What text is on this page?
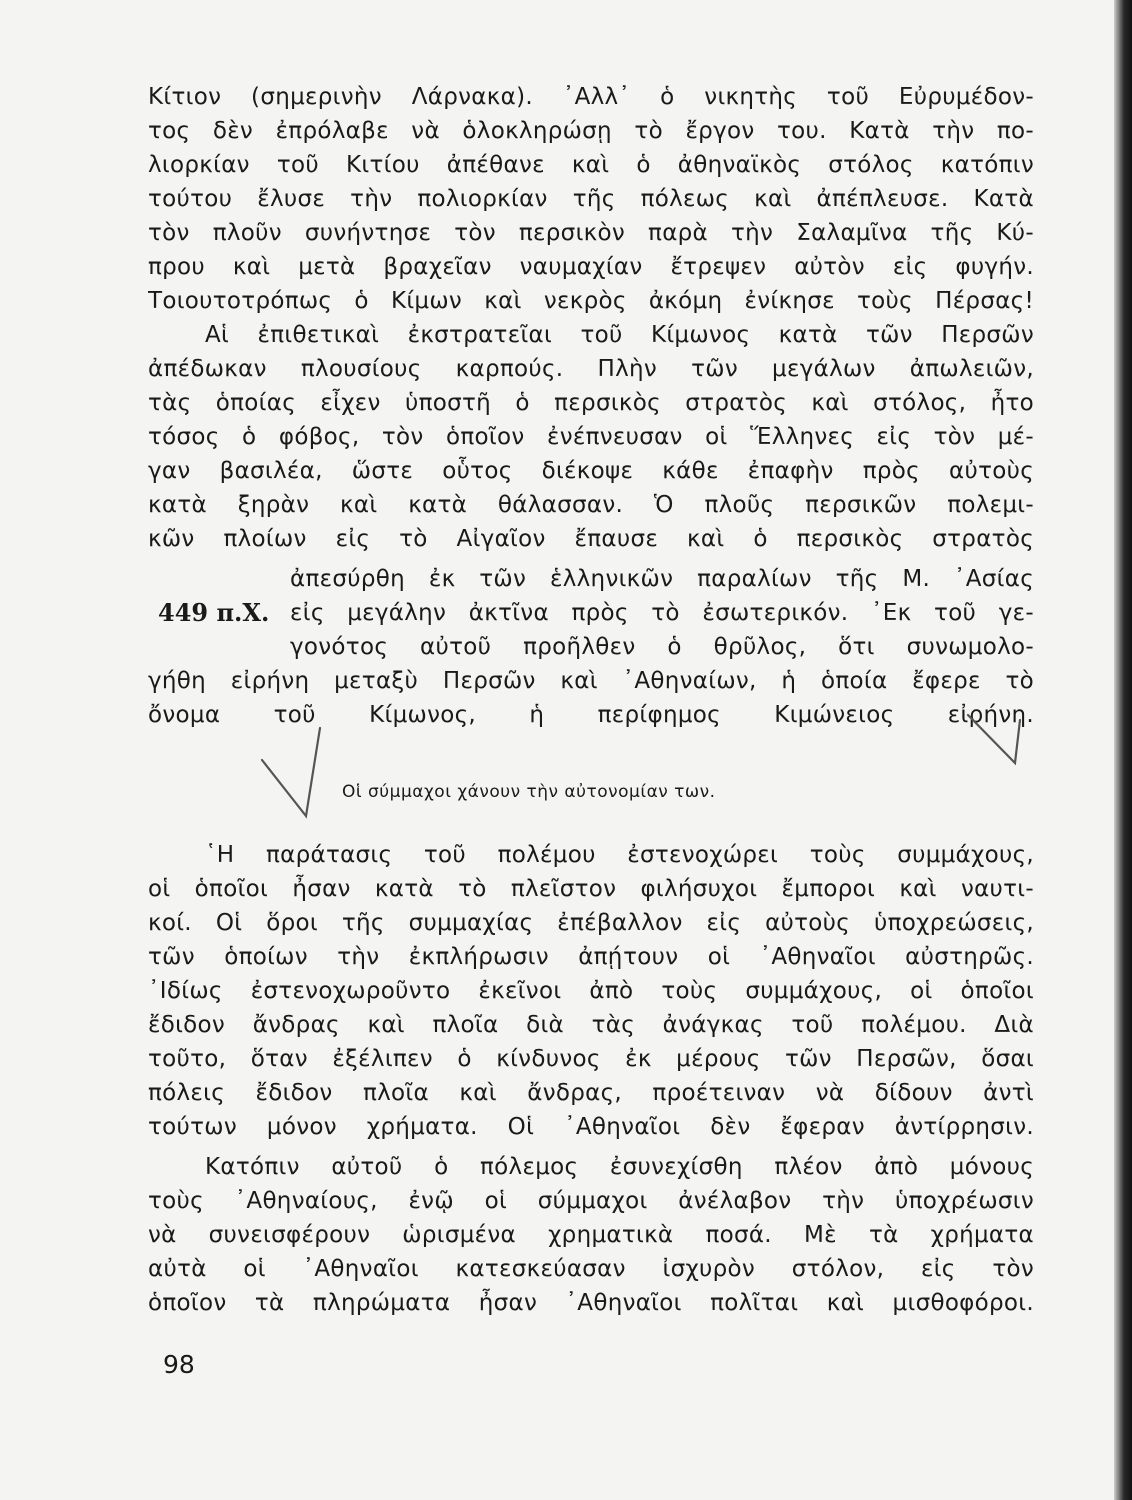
Κίτιον (σημερινὴν Λάρνακα). ᾿Αλλ᾿ ὁ νικητὴς τοῦ Εὐρυμέδον-
τος δὲν ἐπρόλαβε νὰ ὁλοκληρώσῃ τὸ ἔργον του. Κατὰ τὴν πο-
λιορκίαν τοῦ Κιτίου ἀπέθανε καὶ ὁ ἀθηναϊκὸς στόλος κατόπιν
τούτου ἔλυσε τὴν πολιορκίαν τῆς πόλεως καὶ ἀπέπλευσε. Κατὰ
τὸν πλοῦν συνήντησε τὸν περσικὸν παρὰ τὴν Σαλαμῖνα τῆς Κύ-
πρου καὶ μετὰ βραχεῖαν ναυμαχίαν ἔτρεψεν αὐτὸν εἰς φυγήν.
Τοιουτοτρόπως ὁ Κίμων καὶ νεκρὸς ἀκόμη ἐνίκησε τοὺς Πέρσας!
Αἱ ἐπιθετικαὶ ἐκστρατεῖαι τοῦ Κίμωνος κατὰ τῶν Περσῶν
ἀπέδωκαν πλουσίους καρπούς. Πλὴν τῶν μεγάλων ἀπωλειῶν,
τὰς ὁποίας εἶχεν ὑποστῆ ὁ περσικὸς στρατὸς καὶ στόλος, ἦτο
τόσος ὁ φόβος, τὸν ὁποῖον ἐνέπνευσαν οἱ Ἕλληνες εἰς τὸν μέ-
γαν βασιλέα, ὥστε οὗτος διέκοψε κάθε ἐπαφὴν πρὸς αὐτοὺς
κατὰ ξηρὰν καὶ κατὰ θάλασσαν. Ὁ πλοῦς περσικῶν πολεμι-
κῶν πλοίων εἰς τὸ Αἰγαῖον ἔπαυσε καὶ ὁ περσικὸς στρατὸς
ἀπεσύρθη ἐκ τῶν ἑλληνικῶν παραλίων τῆς Μ. ᾿Ασίας
εἰς μεγάλην ἀκτῖνα πρὸς τὸ ἐσωτερικόν. ᾿Εκ τοῦ γε-
γονότος αὐτοῦ προῆλθεν ὁ θρῦλος, ὅτι συνωμολο-
γήθη εἰρήνη μεταξὺ Περσῶν καὶ ᾿Αθηναίων, ἡ ὁποία ἔφερε τὸ
ὄνομα τοῦ Κίμωνος, ἡ περίφημος Κιμώνειος εἰρήνη.
449 π.Χ.
Οἱ σύμμαχοι χάνουν τὴν αὐτονομίαν των.
῾Η παράτασις τοῦ πολέμου ἐστενοχώρει τοὺς συμμάχους,
οἱ ὁποῖοι ἦσαν κατὰ τὸ πλεῖστον φιλήσυχοι ἔμποροι καὶ ναυτι-
κοί. Οἱ ὅροι τῆς συμμαχίας ἐπέβαλλον εἰς αὐτοὺς ὑποχρεώσεις,
τῶν ὁποίων τὴν ἐκπλήρωσιν ἀπῄτουν οἱ ᾿Αθηναῖοι αὐστηρῶς.
᾿Ιδίως ἐστενοχωροῦντο ἐκεῖνοι ἀπὸ τοὺς συμμάχους, οἱ ὁποῖοι
ἔδιδον ἄνδρας καὶ πλοῖα διὰ τὰς ἀνάγκας τοῦ πολέμου. Διὰ
τοῦτο, ὅταν ἐξέλιπεν ὁ κίνδυνος ἐκ μέρους τῶν Περσῶν, ὅσαι
πόλεις ἔδιδον πλοῖα καὶ ἄνδρας, προέτειναν νὰ δίδουν ἀντὶ
τούτων μόνον χρήματα. Οἱ ᾿Αθηναῖοι δὲν ἔφεραν ἀντίρρησιν.
Κατόπιν αὐτοῦ ὁ πόλεμος ἐσυνεχίσθη πλέον ἀπὸ μόνους
τοὺς ᾿Αθηναίους, ἐνῷ οἱ σύμμαχοι ἀνέλαβον τὴν ὑποχρέωσιν
νὰ συνεισφέρουν ὡρισμένα χρηματικὰ ποσά. Μὲ τὰ χρήματα
αὐτὰ οἱ ᾿Αθηναῖοι κατεσκεύασαν ἰσχυρὸν στόλον, εἰς τὸν
ὁποῖον τὰ πληρώματα ἦσαν ᾿Αθηναῖοι πολῖται καὶ μισθοφόροι.
98
